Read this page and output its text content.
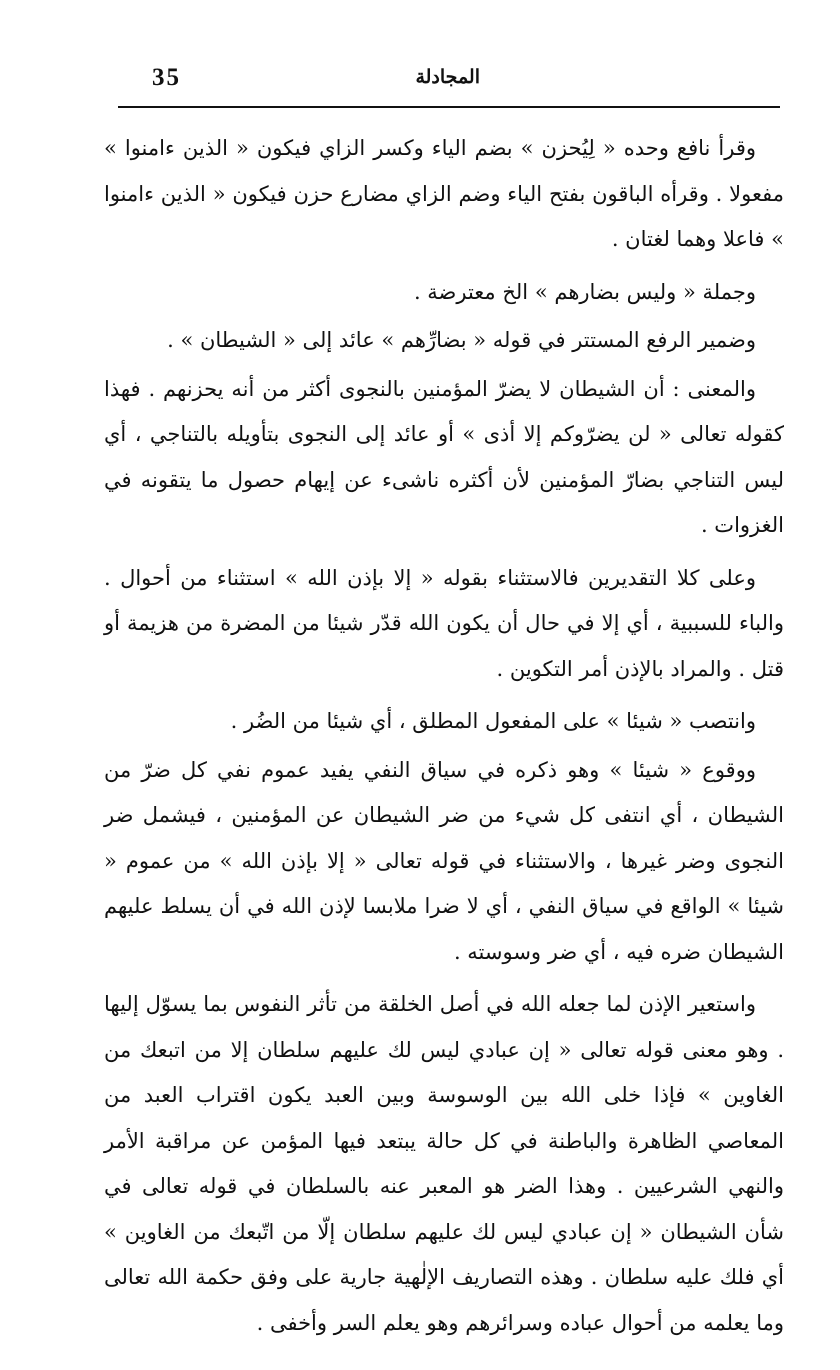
35	المجادلة

وقرأ نافع وحده « لِيُحزن » بضم الياء وكسر الزاي فيكون « الذين ءامنوا » مفعولا . وقرأه الباقون بفتح الياء وضم الزاي مضارع حزن فيكون « الذين ءامنوا » فاعلا وهما لغتان .

وجملة « وليس بضارهم » الخ معترضة .

وضمير الرفع المستتر في قوله « بضارِّهم » عائد إلى « الشيطان » .

والمعنى : أن الشيطان لا يضرّ المؤمنين بالنجوى أكثر من أنه يحزنهم . فهذا كقوله تعالى « لن يضرّوكم إلا أذى » أو عائد إلى النجوى بتأويله بالتناجي ، أي ليس التناجي بضارّ المؤمنين لأن أكثره ناشىء عن إيهام حصول ما يتقونه في الغزوات .

وعلى كلا التقديرين فالاستثناء بقوله « إلا بإذن الله » استثناء من أحوال . والباء للسببية ، أي إلا في حال أن يكون الله قدّر شيئا من المضرة من هزيمة أو قتل . والمراد بالإذن أمر التكوين .

وانتصب « شيئا » على المفعول المطلق ، أي شيئا من الضُر .

ووقوع « شيئا » وهو ذكره في سياق النفي يفيد عموم نفي كل ضرّ من الشيطان ، أي انتفى كل شيء من ضر الشيطان عن المؤمنين ، فيشمل ضر النجوى وضر غيرها ، والاستثناء في قوله تعالى « إلا بإذن الله » من عموم « شيئا » الواقع في سياق النفي ، أي لا ضرا ملابسا لإذن الله في أن يسلط عليهم الشيطان ضره فيه ، أي ضر وسوسته .

واستعير الإذن لما جعله الله في أصل الخلقة من تأثر النفوس بما يسوّل إليها . وهو معنى قوله تعالى « إن عبادي ليس لك عليهم سلطان إلا من اتبعك من الغاوين » فإذا خلى الله بين الوسوسة وبين العبد يكون اقتراب العبد من المعاصي الظاهرة والباطنة في كل حالة يبتعد فيها المؤمن عن مراقبة الأمر والنهي الشرعيين . وهذا الضر هو المعبر عنه بالسلطان في قوله تعالى في شأن الشيطان « إن عبادي ليس لك عليهم سلطان إلّا من اتّبعك من الغاوين » أي فلك عليه سلطان . وهذه التصاريف الإلٰهية جارية على وفق حكمة الله تعالى وما يعلمه من أحوال عباده وسرائرهم وهو يعلم السر وأخفى .
